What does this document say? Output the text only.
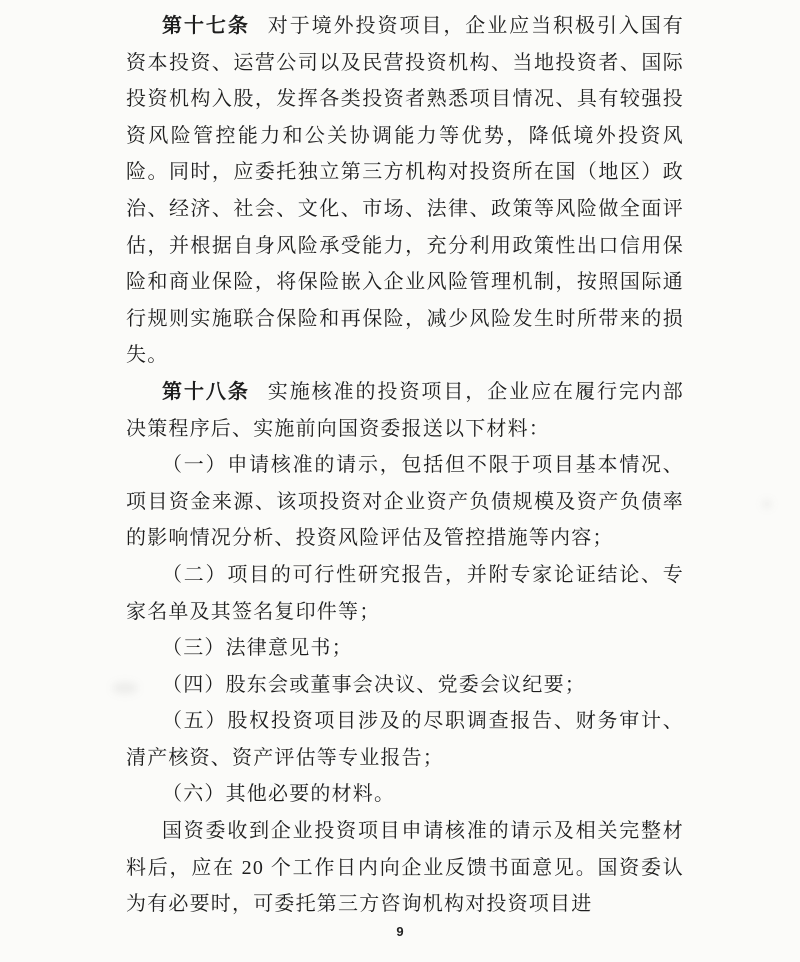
第十七条 对于境外投资项目，企业应当积极引入国有资本投资、运营公司以及民营投资机构、当地投资者、国际投资机构入股，发挥各类投资者熟悉项目情况、具有较强投资风险管控能力和公关协调能力等优势，降低境外投资风险。同时，应委托独立第三方机构对投资所在国（地区）政治、经济、社会、文化、市场、法律、政策等风险做全面评估，并根据自身风险承受能力，充分利用政策性出口信用保险和商业保险，将保险嵌入企业风险管理机制，按照国际通行规则实施联合保险和再保险，减少风险发生时所带来的损失。

第十八条 实施核准的投资项目，企业应在履行完内部决策程序后、实施前向国资委报送以下材料：

（一）申请核准的请示，包括但不限于项目基本情况、项目资金来源、该项投资对企业资产负债规模及资产负债率的影响情况分析、投资风险评估及管控措施等内容；

（二）项目的可行性研究报告，并附专家论证结论、专家名单及其签名复印件等；

（三）法律意见书；

（四）股东会或董事会决议、党委会议纪要；

（五）股权投资项目涉及的尽职调查报告、财务审计、清产核资、资产评估等专业报告；

（六）其他必要的材料。

国资委收到企业投资项目申请核准的请示及相关完整材料后，应在 20 个工作日内向企业反馈书面意见。国资委认为有必要时，可委托第三方咨询机构对投资项目进

9
